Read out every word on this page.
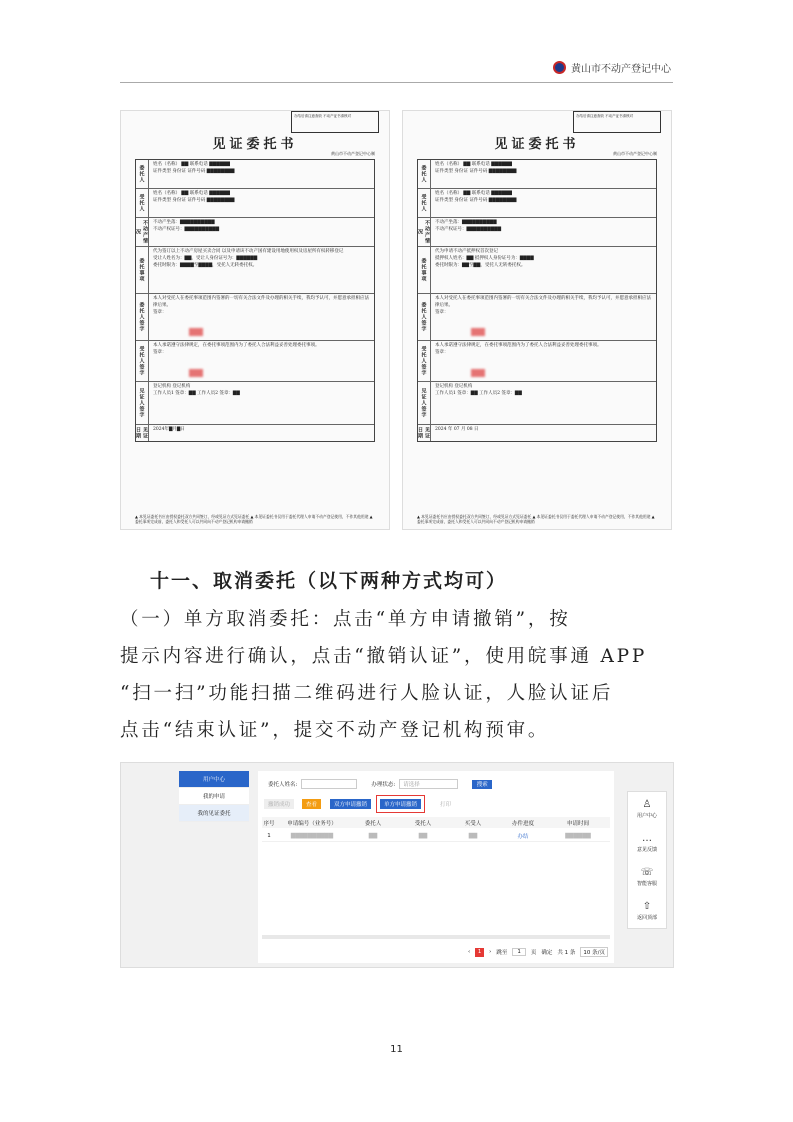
黄山市不动产登记中心
办结后请注意查收 不动产证书请核对
见证委托书
黄山市不动产登记中心制
委托人
姓名（名称） ▇▇ 联系电话 ▇▇▇▇▇▇
证件类型 身份证 证件号码 ▇▇▇▇▇▇▇▇
受托人
姓名（名称） ▇▇ 联系电话 ▇▇▇▇▇▇
证件类型 身份证 证件号码 ▇▇▇▇▇▇▇▇
不动产情况
不动产坐落：▇▇▇▇▇▇▇▇▇▇
不动产权证号：▇▇▇▇▇▇▇▇▇▇
委托事项
代为签订以上不动产房屋买卖合同 以及申请该不动产国有建设用地使用权及房屋所有权转移登记
受让人姓名为：▇▇，受让人身份证号为：▇▇▇▇▇▇
委托时限为：▇▇▇▇至▇▇▇▇，受托人无转委托权。
委托人签字
本人对受托人在委托事项范围内签署的一切有关合法文件及办理的相关手续，我均予认可，并愿意承担相应法律后果。
签章：
受托人签字
本人承诺遵守法律规定，在委托事项范围内为了委托人合法利益妥善处理委托事项。
签章：
见证人签字
登记机构 登记机构
工作人员1 签章：▇▇ 工作人员2 签章：▇▇
见证日期	2024年▇月▇日
▲ 本见证委托书应由授权委托双方共同签订，经或见证方式见证委托 ▲ 本见证委托书仅用于委托代理人申请不动产登记使用，不作其他用途 ▲ 委托事项完成前，委托人和受托人可以共同向不动产登记机构申请撤销
办结后请注意查收 不动产证书请核对
见证委托书
黄山市不动产登记中心制
委托人
姓名（名称） ▇▇ 联系电话 ▇▇▇▇▇▇
证件类型 身份证 证件号码 ▇▇▇▇▇▇▇▇
受托人
姓名（名称） ▇▇ 联系电话 ▇▇▇▇▇▇
证件类型 身份证 证件号码 ▇▇▇▇▇▇▇▇
不动产情况
不动产坐落：▇▇▇▇▇▇▇▇▇▇
不动产权证号：▇▇▇▇▇▇▇▇▇▇
委托事项
代为申请不动产抵押权首次登记
抵押权人姓名：▇▇ 抵押权人身份证号为：▇▇▇▇
委托时限为：▇▇至▇▇，受托人无转委托权。
委托人签字
本人对受托人在委托事项范围内签署的一切有关合法文件及办理的相关手续，我均予认可，并愿意承担相应法律后果。
签章：
受托人签字
本人承诺遵守法律规定，在委托事项范围内为了委托人合法利益妥善处理委托事项。
签章：
见证人签字
登记机构 登记机构
工作人员1 签章：▇▇ 工作人员2 签章：▇▇
见证日期	2024 年 07 月 08 日
▲ 本见证委托书应由授权委托双方共同签订，经或见证方式见证委托 ▲ 本见证委托书仅用于委托代理人申请不动产登记使用，不作其他用途 ▲ 委托事项完成前，委托人和受托人可以共同向不动产登记机构申请撤销
十一、取消委托（以下两种方式均可）

（一）单方取消委托：点击“单方申请撤销”，按

提示内容进行确认，点击“撤销认证”，使用皖事通 APP

“扫一扫”功能扫描二维码进行人脸认证，人脸认证后

点击“结束认证”，提交不动产登记机构预审。

用户中心
我的申请
我的见证委托
委托人姓名:	办理状态:	请选择	搜索
撤销成功	查看	双方申请撤销	单方申请撤销	打印
序号	申请编号（业务号）	委托人	受托人	买受人	办件进度	申请时间
1	▇▇▇▇▇▇▇▇▇▇	▇▇	▇▇	▇▇	办结	▇▇▇▇▇▇
‹	1	› 跳至	1	页 确定 共 1 条	10 条/页
♙
用户中心
…
意见反馈
☏
智能客服
⇧
返回顶部
11
